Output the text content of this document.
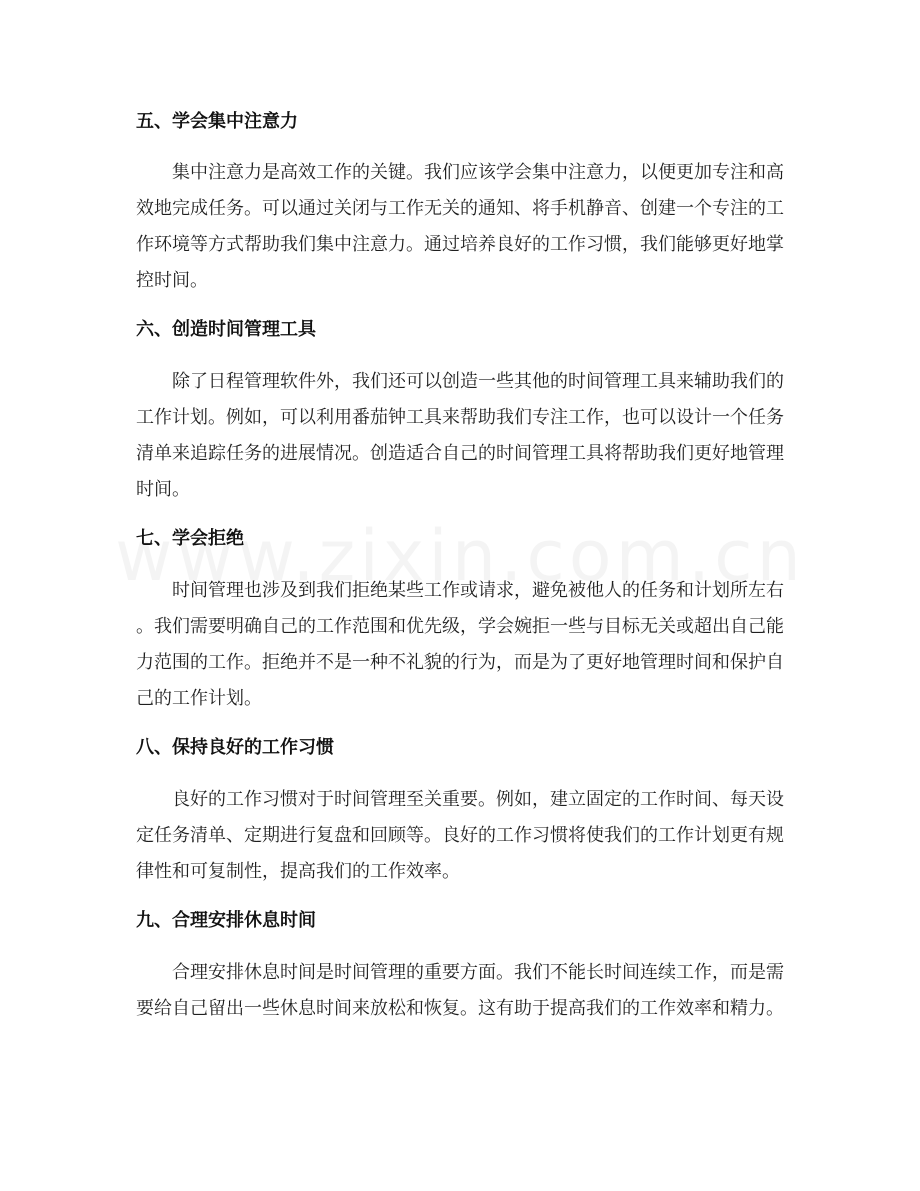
五、学会集中注意力
集中注意力是高效工作的关键。我们应该学会集中注意力，以便更加专注和高
效地完成任务。可以通过关闭与工作无关的通知、将手机静音、创建一个专注的工
作环境等方式帮助我们集中注意力。通过培养良好的工作习惯，我们能够更好地掌
控时间。
六、创造时间管理工具
除了日程管理软件外，我们还可以创造一些其他的时间管理工具来辅助我们的
工作计划。例如，可以利用番茄钟工具来帮助我们专注工作，也可以设计一个任务
清单来追踪任务的进展情况。创造适合自己的时间管理工具将帮助我们更好地管理
时间。
七、学会拒绝
时间管理也涉及到我们拒绝某些工作或请求，避免被他人的任务和计划所左右
。我们需要明确自己的工作范围和优先级，学会婉拒一些与目标无关或超出自己能
力范围的工作。拒绝并不是一种不礼貌的行为，而是为了更好地管理时间和保护自
己的工作计划。
八、保持良好的工作习惯
良好的工作习惯对于时间管理至关重要。例如，建立固定的工作时间、每天设
定任务清单、定期进行复盘和回顾等。良好的工作习惯将使我们的工作计划更有规
律性和可复制性，提高我们的工作效率。
九、合理安排休息时间
合理安排休息时间是时间管理的重要方面。我们不能长时间连续工作，而是需
要给自己留出一些休息时间来放松和恢复。这有助于提高我们的工作效率和精力。
